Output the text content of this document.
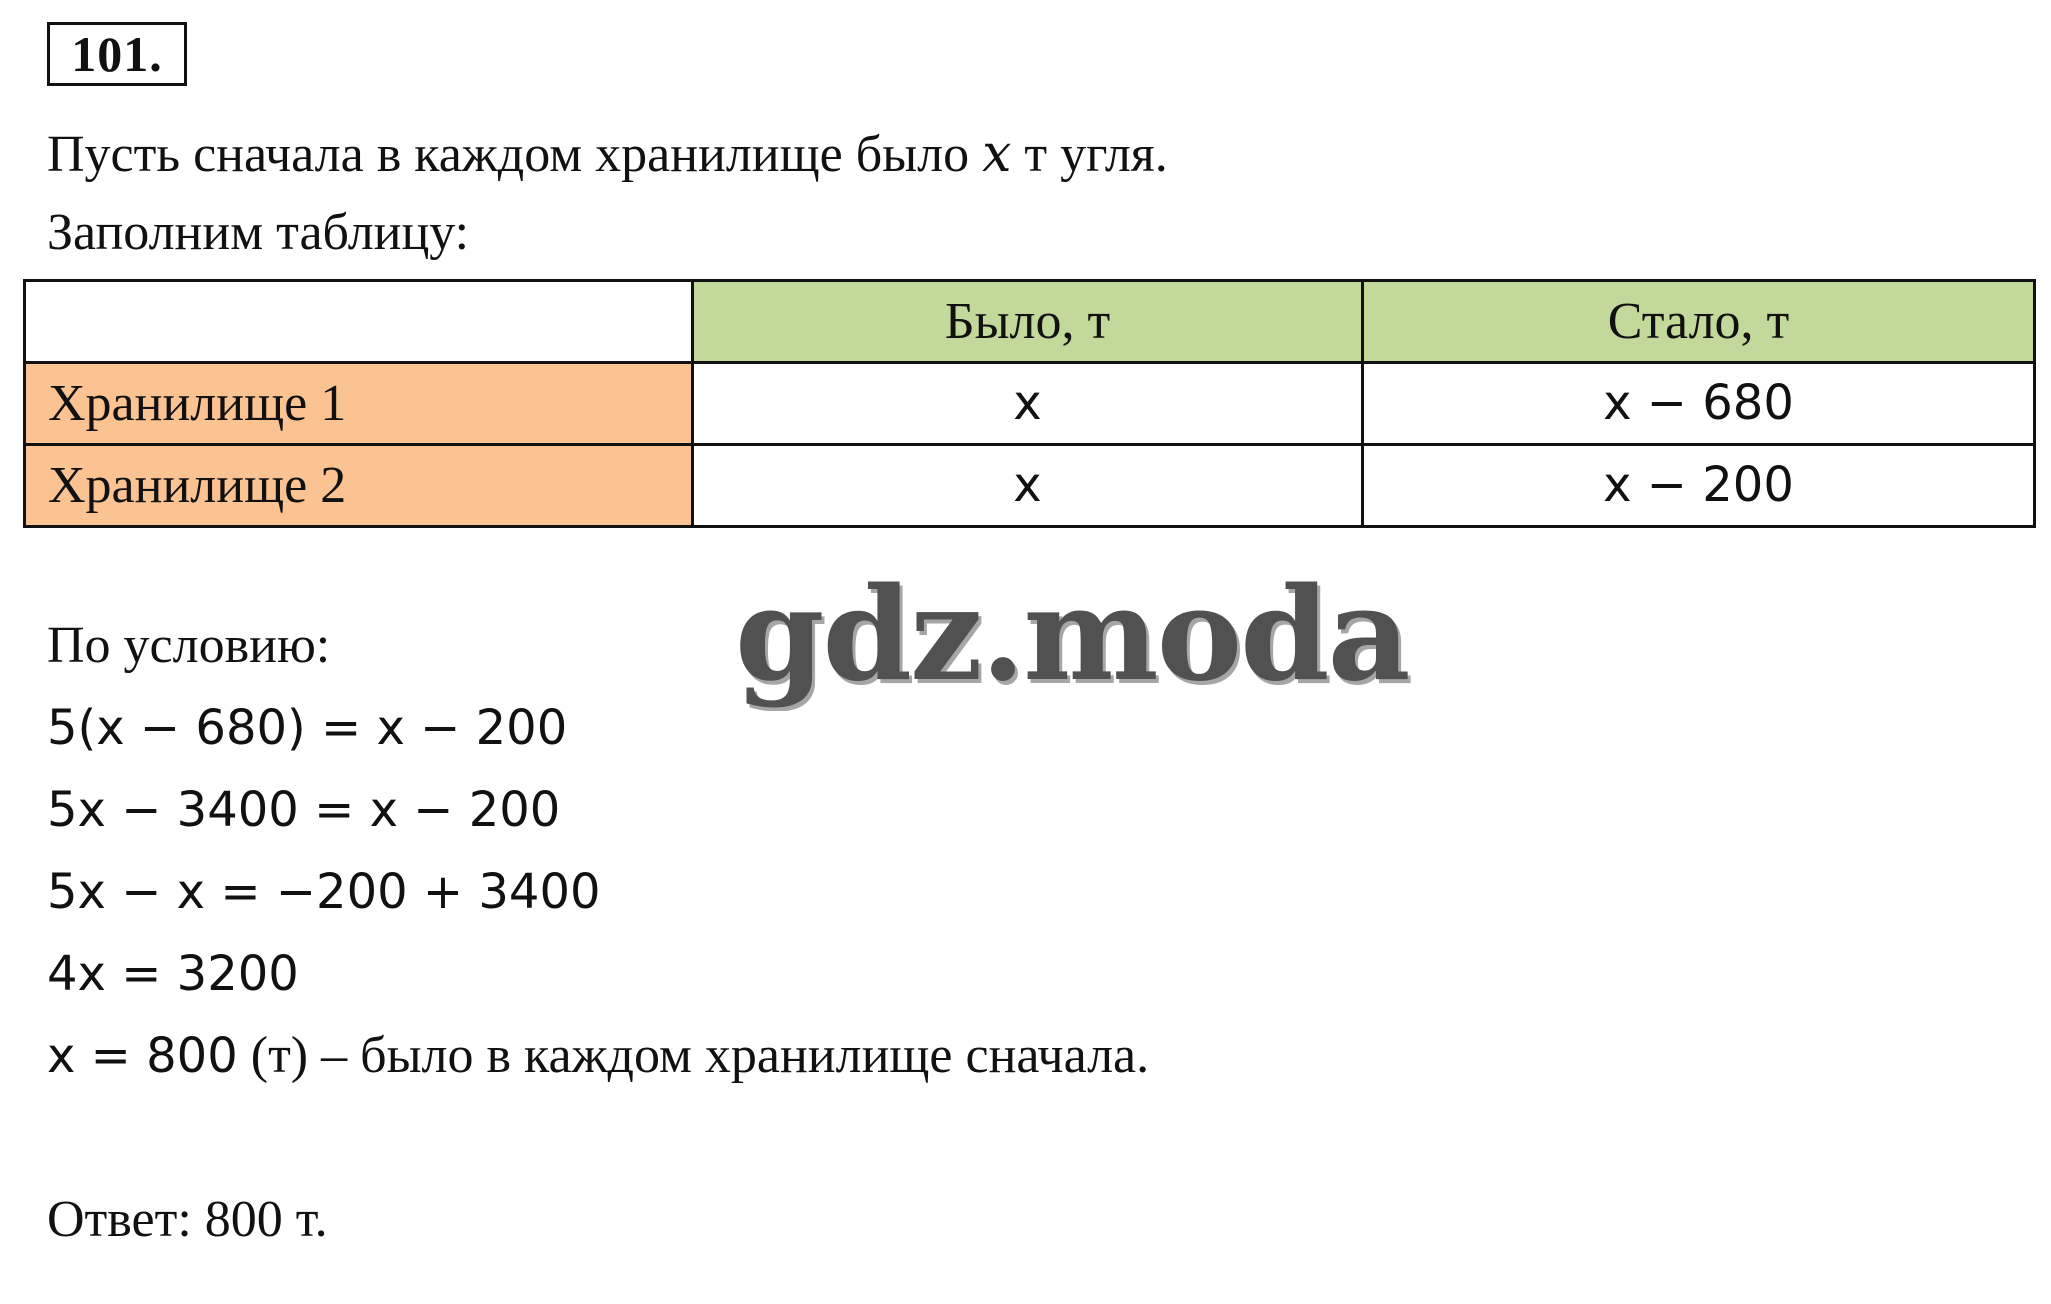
101.
Пусть сначала в каждом хранилище было x т угля.
Заполним таблицу:
	Было, т	Стало, т
Хранилище 1	x	x − 680
Хранилище 2	x	x − 200
gdz.moda
По условию:
5(x − 680) = x − 200
5x − 3400 = x − 200
5x − x = −200 + 3400
4x = 3200
x = 800 (т) – было в каждом хранилище сначала.
Ответ: 800 т.
